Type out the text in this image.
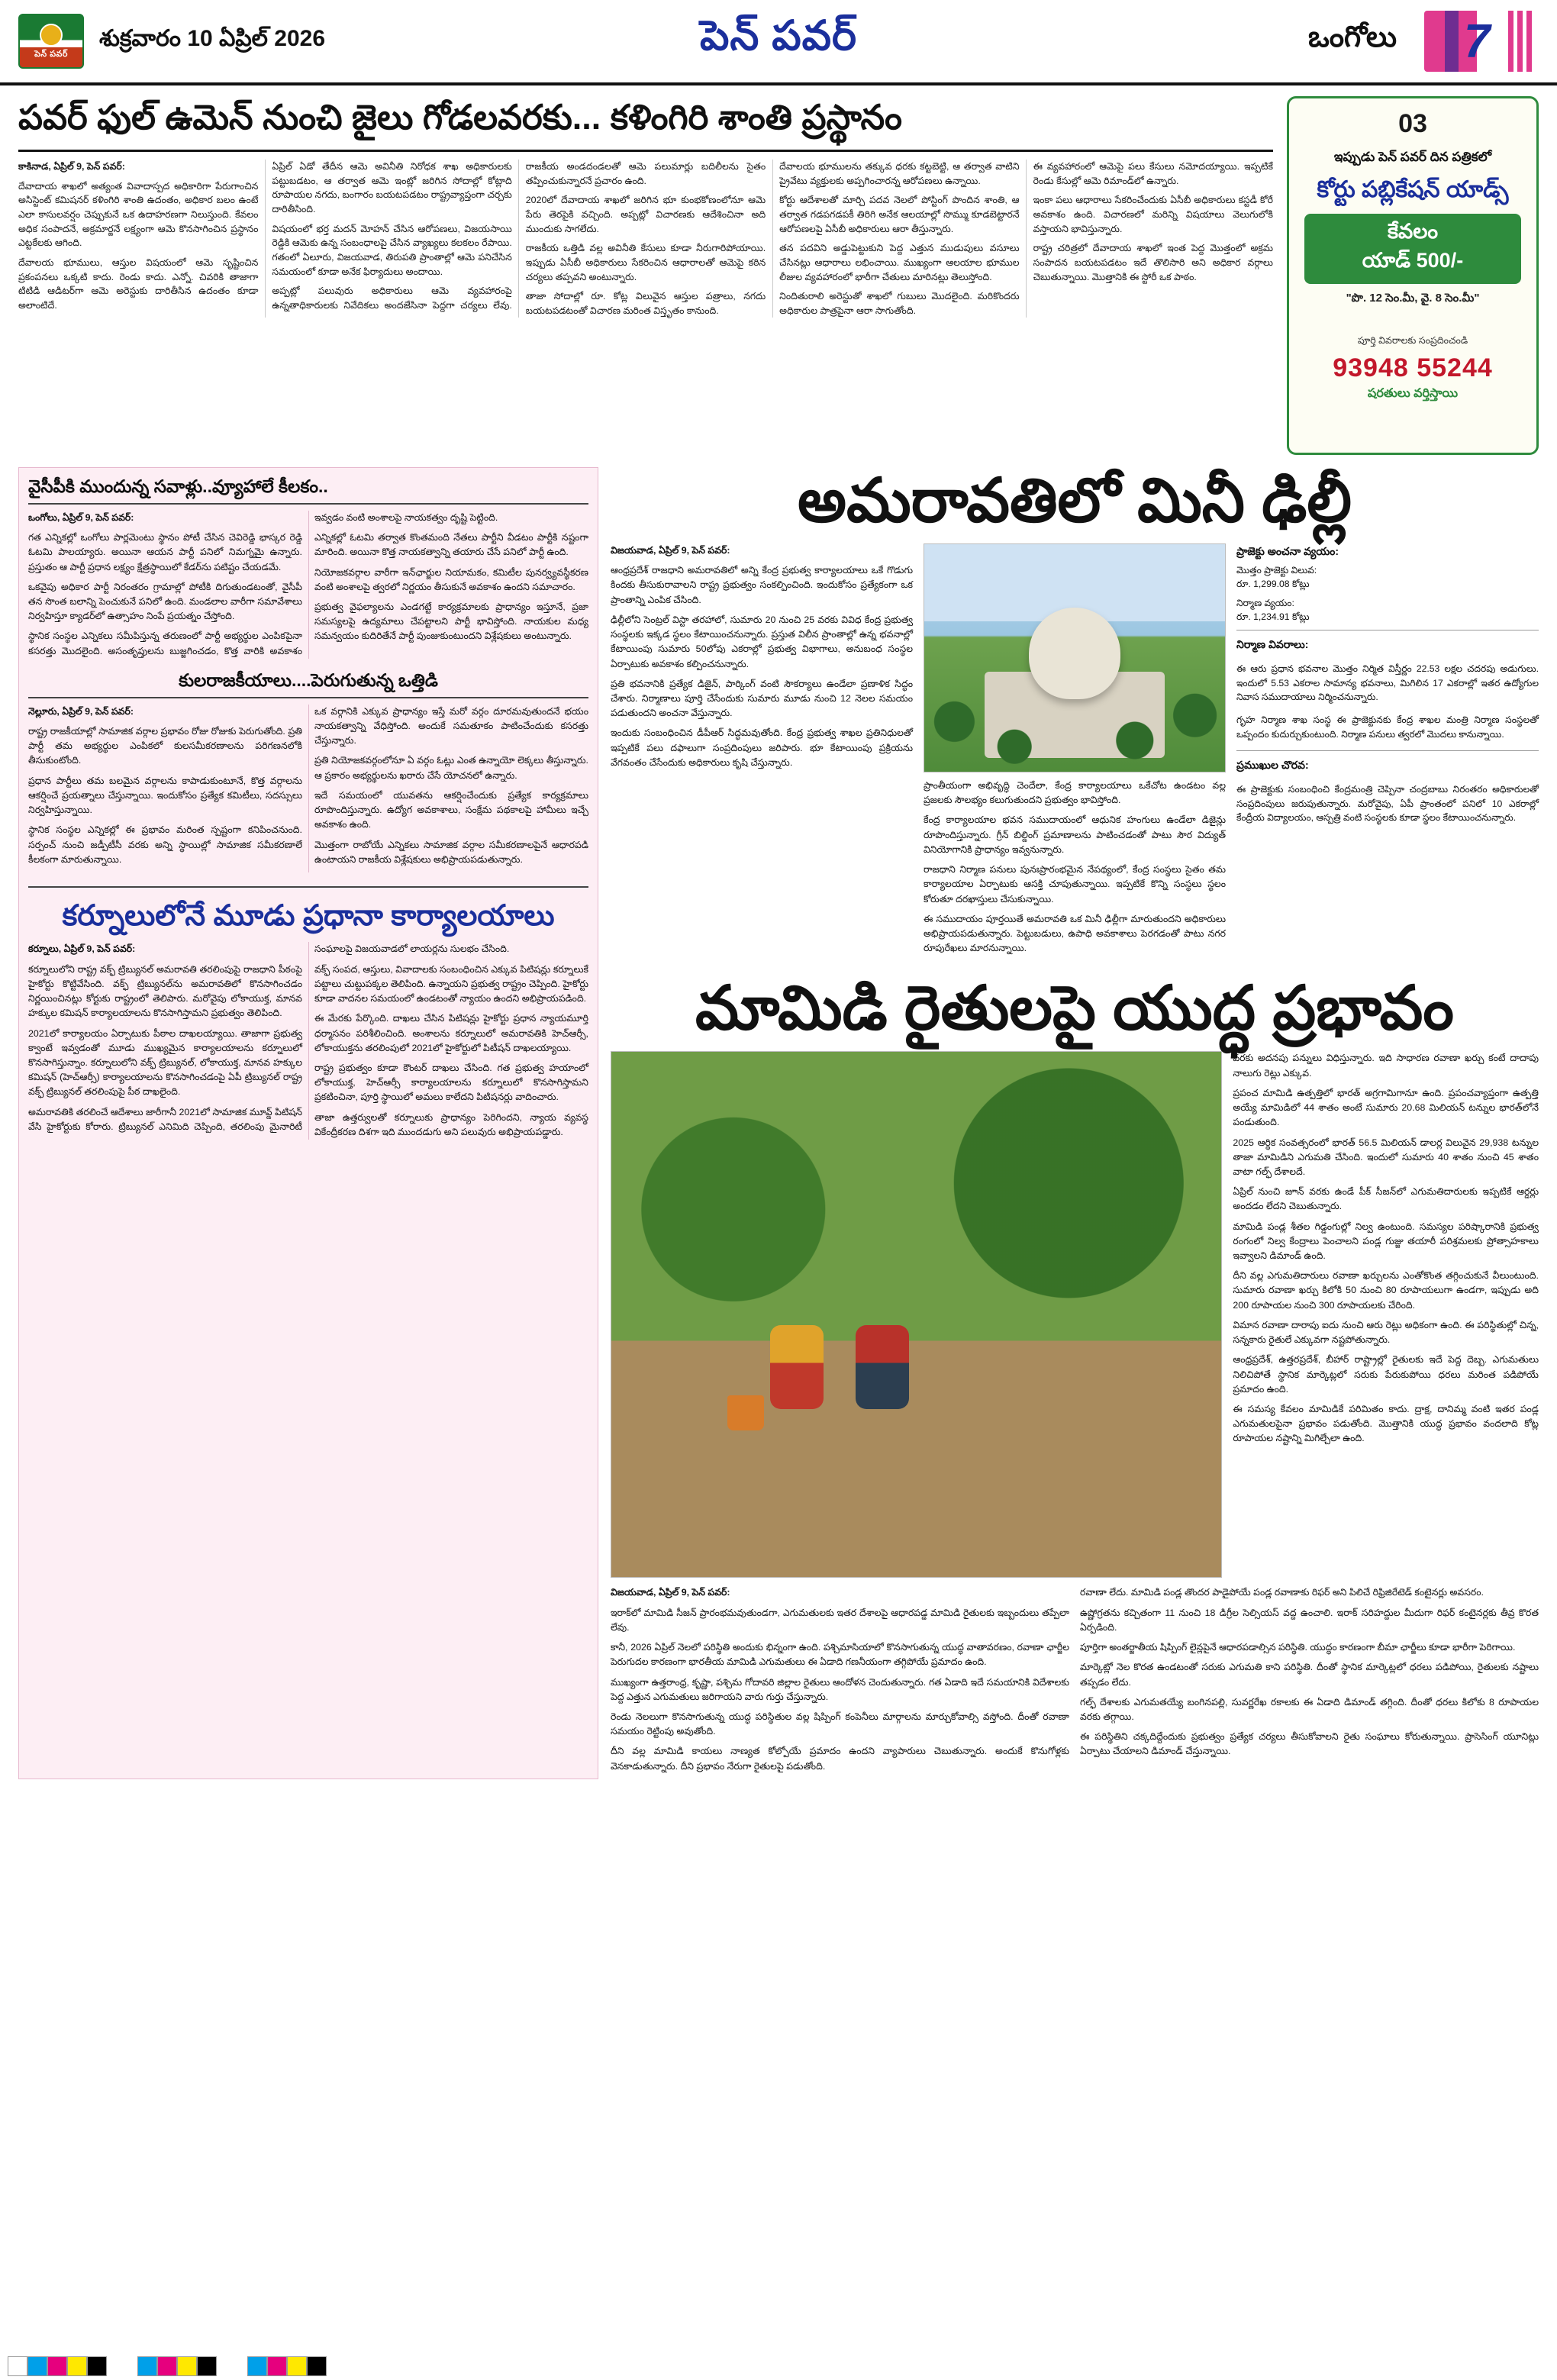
పెన్ పవర్
శుక్రవారం 10 ఏప్రిల్ 2026	పెన్ పవర్	ఒంగోలు 7
పవర్ ఫుల్ ఉమెన్ నుంచి జైలు గోడలవరకు... కళింగిరి శాంతి ప్రస్థానం

కాకినాడ, ఏప్రిల్ 9, పెన్ పవర్:

దేవాదాయ శాఖలో అత్యంత వివాదాస్పద అధికారిగా పేరుగాంచిన అసిస్టెంట్ కమిషనర్ కళింగిరి శాంతి ఉదంతం, అధికార బలం ఉంటే ఎలా కాసులవర్షం చెప్పుకునే ఒక ఉదాహరణగా నిలుస్తుంది. కేవలం అధిక సంపాదనే, అక్రమార్జనే లక్ష్యంగా ఆమె కొనసాగించిన ప్రస్థానం ఎట్టకేలకు ఆగింది.

దేవాలయ భూములు, ఆస్తుల విషయంలో ఆమె సృష్టించిన ప్రకంపనలు ఒక్కటి కాదు. రెండు కాదు. ఎన్నో. చివరికి తాజాగా టిటిడి ఆడిటర్‌గా ఆమె అరెస్టుకు దారితీసిన ఉదంతం కూడా అలాంటిదే.

ఏప్రిల్ ఏడో తేదీన ఆమె అవినీతి నిరోధక శాఖ అధికారులకు పట్టుబడటం, ఆ తర్వాత ఆమె ఇంట్లో జరిగిన సోదాల్లో కోట్లాది రూపాయల నగదు, బంగారం బయటపడటం రాష్ట్రవ్యాప్తంగా చర్చకు దారితీసింది.

విషయంలో భర్త మదన్ మోహన్ చేసిన ఆరోపణలు, విజయసాయి రెడ్డికి ఆమెకు ఉన్న సంబంధాలపై చేసిన వ్యాఖ్యలు కలకలం రేపాయి. గతంలో ఏలూరు, విజయవాడ, తిరుపతి ప్రాంతాల్లో ఆమె పనిచేసిన సమయంలో కూడా అనేక ఫిర్యాదులు అందాయి.

అప్పట్లో పలువురు అధికారులు ఆమె వ్యవహారంపై ఉన్నతాధికారులకు నివేదికలు అందజేసినా పెద్దగా చర్యలు లేవు. రాజకీయ అండదండలతో ఆమె పలుమార్లు బదిలీలను సైతం తప్పించుకున్నారనే ప్రచారం ఉంది.

2020లో దేవాదాయ శాఖలో జరిగిన భూ కుంభకోణంలోనూ ఆమె పేరు తెరపైకి వచ్చింది. అప్పట్లో విచారణకు ఆదేశించినా అది ముందుకు సాగలేదు.

రాజకీయ ఒత్తిడి వల్ల అవినీతి కేసులు కూడా నీరుగారిపోయాయి. ఇప్పుడు ఏసీబీ అధికారులు సేకరించిన ఆధారాలతో ఆమెపై కఠిన చర్యలు తప్పవని అంటున్నారు.

తాజా సోదాల్లో రూ. కోట్ల విలువైన ఆస్తుల పత్రాలు, నగదు బయటపడటంతో విచారణ మరింత విస్తృతం కానుంది.

దేవాలయ భూములను తక్కువ ధరకు కట్టబెట్టి, ఆ తర్వాత వాటిని ప్రైవేటు వ్యక్తులకు అప్పగించారన్న ఆరోపణలు ఉన్నాయి.

కోర్టు ఆదేశాలతో మార్చి పదవ నెలలో పోస్టింగ్ పొందిన శాంతి, ఆ తర్వాత గడపగడపకీ తిరిగి అనేక ఆలయాల్లో సొమ్ము కూడబెట్టారనే ఆరోపణలపై ఏసీబీ అధికారులు ఆరా తీస్తున్నారు.

తన పదవిని అడ్డుపెట్టుకుని పెద్ద ఎత్తున ముడుపులు వసూలు చేసినట్లు ఆధారాలు లభించాయి. ముఖ్యంగా ఆలయాల భూముల లీజుల వ్యవహారంలో భారీగా చేతులు మారినట్లు తెలుస్తోంది.

నిందితురాలి అరెస్టుతో శాఖలో గుబులు మొదలైంది. మరికొందరు అధికారుల పాత్రపైనా ఆరా సాగుతోంది.

ఈ వ్యవహారంలో ఆమెపై పలు కేసులు నమోదయ్యాయి. ఇప్పటికే రెండు కేసుల్లో ఆమె రిమాండ్‌లో ఉన్నారు.

ఇంకా పలు ఆధారాలు సేకరించేందుకు ఏసీబీ అధికారులు కస్టడీ కోరే అవకాశం ఉంది. విచారణలో మరిన్ని విషయాలు వెలుగులోకి వస్తాయని భావిస్తున్నారు.

రాష్ట్ర చరిత్రలో దేవాదాయ శాఖలో ఇంత పెద్ద మొత్తంలో అక్రమ సంపాదన బయటపడటం ఇదే తొలిసారి అని అధికార వర్గాలు చెబుతున్నాయి. మొత్తానికి ఈ స్టోరీ ఒక పాఠం.

03
ఇప్పుడు పెన్ పవర్ దిన పత్రికలో
కోర్టు పబ్లికేషన్ యాడ్స్
కేవలం
యాడ్ 500/-
"పొ. 12 సెం.మీ, వై. 8 సెం.మీ"
పూర్తి వివరాలకు సంప్రదించండి
93948 55244
షరతులు వర్తిస్తాయి
వైసీపీకి ముందున్న సవాళ్లు..వ్యూహాలే కీలకం..

ఒంగోలు, ఏప్రిల్ 9, పెన్ పవర్:

గత ఎన్నికల్లో ఒంగోలు పార్లమెంటు స్థానం పోటీ చేసిన చెవిరెడ్డి భాస్కర రెడ్డి ఓటమి పాలయ్యారు. అయినా ఆయన పార్టీ పనిలో నిమగ్నమై ఉన్నారు. ప్రస్తుతం ఆ పార్టీ ప్రధాన లక్ష్యం క్షేత్రస్థాయిలో కేడర్‌ను పటిష్టం చేయడమే.

ఒకవైపు అధికార పార్టీ నిరంతరం గ్రామాల్లో పోటీకి దిగుతుండటంతో, వైసీపీ తన సొంత బలాన్ని పెంచుకునే పనిలో ఉంది. మండలాల వారీగా సమావేశాలు నిర్వహిస్తూ క్యాడర్‌లో ఉత్సాహం నింపే ప్రయత్నం చేస్తోంది.

స్థానిక సంస్థల ఎన్నికలు సమీపిస్తున్న తరుణంలో పార్టీ అభ్యర్థుల ఎంపికపైనా కసరత్తు మొదలైంది. అసంతృప్తులను బుజ్జగించడం, కొత్త వారికి అవకాశం ఇవ్వడం వంటి అంశాలపై నాయకత్వం దృష్టి పెట్టింది.

ఎన్నికల్లో ఓటమి తర్వాత కొంతమంది నేతలు పార్టీని వీడటం పార్టీకి నష్టంగా మారింది. అయినా కొత్త నాయకత్వాన్ని తయారు చేసే పనిలో పార్టీ ఉంది.

నియోజకవర్గాల వారీగా ఇన్‌ఛార్జుల నియామకం, కమిటీల పునర్వ్యవస్థీకరణ వంటి అంశాలపై త్వరలో నిర్ణయం తీసుకునే అవకాశం ఉందని సమాచారం.

ప్రభుత్వ వైఫల్యాలను ఎండగట్టే కార్యక్రమాలకు ప్రాధాన్యం ఇస్తూనే, ప్రజా సమస్యలపై ఉద్యమాలు చేపట్టాలని పార్టీ భావిస్తోంది. నాయకుల మధ్య సమన్వయం కుదిరితేనే పార్టీ పుంజుకుంటుందని విశ్లేషకులు అంటున్నారు.

కులరాజకీయాలు....పెరుగుతున్న ఒత్తిడి

నెల్లూరు, ఏప్రిల్ 9, పెన్ పవర్:

రాష్ట్ర రాజకీయాల్లో సామాజిక వర్గాల ప్రభావం రోజు రోజుకు పెరుగుతోంది. ప్రతి పార్టీ తమ అభ్యర్థుల ఎంపికలో కులసమీకరణాలను పరిగణనలోకి తీసుకుంటోంది.

ప్రధాన పార్టీలు తమ బలమైన వర్గాలను కాపాడుకుంటూనే, కొత్త వర్గాలను ఆకర్షించే ప్రయత్నాలు చేస్తున్నాయి. ఇందుకోసం ప్రత్యేక కమిటీలు, సదస్సులు నిర్వహిస్తున్నాయి.

స్థానిక సంస్థల ఎన్నికల్లో ఈ ప్రభావం మరింత స్పష్టంగా కనిపించనుంది. సర్పంచ్ నుంచి జడ్పీటీసీ వరకు అన్ని స్థాయిల్లో సామాజిక సమీకరణాలే కీలకంగా మారుతున్నాయి.

ఒక వర్గానికి ఎక్కువ ప్రాధాన్యం ఇస్తే మరో వర్గం దూరమవుతుందనే భయం నాయకత్వాన్ని వేధిస్తోంది. అందుకే సమతూకం పాటించేందుకు కసరత్తు చేస్తున్నారు.

ప్రతి నియోజకవర్గంలోనూ ఏ వర్గం ఓట్లు ఎంత ఉన్నాయో లెక్కలు తీస్తున్నారు. ఆ ప్రకారం అభ్యర్థులను ఖరారు చేసే యోచనలో ఉన్నారు.

ఇదే సమయంలో యువతను ఆకర్షించేందుకు ప్రత్యేక కార్యక్రమాలు రూపొందిస్తున్నారు. ఉద్యోగ అవకాశాలు, సంక్షేమ పథకాలపై హామీలు ఇచ్చే అవకాశం ఉంది.

మొత్తంగా రాబోయే ఎన్నికలు సామాజిక వర్గాల సమీకరణాలపైనే ఆధారపడి ఉంటాయని రాజకీయ విశ్లేషకులు అభిప్రాయపడుతున్నారు.

కర్నూలులోనే మూడు ప్రధానా కార్యాలయాలు

కర్నూలు, ఏప్రిల్ 9, పెన్ పవర్:

కర్నూలులోని రాష్ట్ర వక్ఫ్ ట్రిబ్యునల్ అమరావతి తరలింపుపై రాజధాని పీఠంపై హైకోర్టు కొట్టివేసింది. వక్ఫ్ ట్రిబ్యునల్‌ను అమరావతిలో కొనసాగించడం నిర్ణయించినట్లు కోర్టుకు రాష్ట్రంలో తెలిపారు. మరోవైపు లోకాయుక్త, మానవ హక్కుల కమిషన్ కార్యాలయాలను కొనసాగిస్తామని ప్రభుత్వం తెలిపింది.

2021లో కార్యాలయం ఏర్పాటుకు పీఠాల దాఖలయ్యాయి. తాజాగా ప్రభుత్వ క్వాంటే ఇవ్వడంతో మూడు ముఖ్యమైన కార్యాలయాలను కర్నూలులో కొనసాగిస్తున్నాం. కర్నూలులోని వక్ఫ్ ట్రిబ్యునల్, లోకాయుక్త, మానవ హక్కుల కమిషన్ (హెచ్ఆర్సీ) కార్యాలయాలను కొనసాగించడంపై ఏపీ ట్రిబ్యునల్ రాష్ట్ర వక్ఫ్ ట్రిబ్యునల్ తరలింపుపై పీఠ దాఖలైంది.

అమరావతికి తరలించే ఆదేశాలు జారీగానీ 2021లో సామాజిక మూవ్డ్ పిటిషన్ వేసి హైకోర్టుకు కోరారు. ట్రిబ్యునల్ ఎనిమిది చెప్పింది, తరలింపు మైనారిటీ సంఘాలపై విజయవాడలో లాయర్లను సులభం చేసింది.

వక్ఫ్ సంపద, ఆస్తులు, వివాదాలకు సంబంధించిన ఎక్కువ పిటిషన్లు కర్నూలుకే పట్టాలు చుట్టుపక్కల తెలిపింది. ఉన్నాయని ప్రభుత్వ రాష్ట్రం చెప్పింది. హైకోర్టు కూడా వాదనల సమయంలో ఉండటంతో న్యాయం ఉందని అభిప్రాయపడింది.

ఈ మేరకు పేర్కొంది. దాఖలు చేసిన పిటిషన్లు హైకోర్టు ప్రధాన న్యాయమూర్తి ధర్మాసనం పరిశీలించింది. అంశాలను కర్నూలులో అమరావతికి హెచ్ఆర్సీ, లోకాయుక్తను తరలింపులో 2021లో హైకోర్టులో పిటీషన్ దాఖలయ్యాయి.

రాష్ట్ర ప్రభుత్వం కూడా కౌంటర్ దాఖలు చేసింది. గత ప్రభుత్వ హయాంలో లోకాయుక్త, హెచ్ఆర్సీ కార్యాలయాలను కర్నూలులో కొనసాగిస్తామని ప్రకటించినా, పూర్తి స్థాయిలో అమలు కాలేదని పిటిషనర్లు వాదించారు.

తాజా ఉత్తర్వులతో కర్నూలుకు ప్రాధాన్యం పెరిగిందని, న్యాయ వ్యవస్థ వికేంద్రీకరణ దిశగా ఇది ముందడుగు అని పలువురు అభిప్రాయపడ్డారు.

అమరావతిలో మినీ ఢిల్లీ

విజయవాడ, ఏప్రిల్ 9, పెన్ పవర్:

ఆంధ్రప్రదేశ్ రాజధాని అమరావతిలో అన్ని కేంద్ర ప్రభుత్వ కార్యాలయాలు ఒకే గొడుగు కిందకు తీసుకురావాలని రాష్ట్ర ప్రభుత్వం సంకల్పించింది. ఇందుకోసం ప్రత్యేకంగా ఒక ప్రాంతాన్ని ఎంపిక చేసింది.

ఢిల్లీలోని సెంట్రల్ విస్టా తరహాలో, సుమారు 20 నుంచి 25 వరకు వివిధ కేంద్ర ప్రభుత్వ సంస్థలకు ఇక్కడ స్థలం కేటాయించనున్నారు. ప్రస్తుత విలీన ప్రాంతాల్లో ఉన్న భవనాల్లో కేటాయింపు సుమారు 50లోపు ఎకరాల్లో ప్రభుత్వ విభాగాలు, అనుబంధ సంస్థల ఏర్పాటుకు అవకాశం కల్పించనున్నారు.

ప్రతి భవనానికి ప్రత్యేక డిజైన్, పార్కింగ్ వంటి సౌకర్యాలు ఉండేలా ప్రణాళిక సిద్ధం చేశారు. నిర్మాణాలు పూర్తి చేసేందుకు సుమారు మూడు నుంచి 12 నెలల సమయం పడుతుందని అంచనా వేస్తున్నారు.

ఇందుకు సంబంధించిన డీపీఆర్ సిద్ధమవుతోంది. కేంద్ర ప్రభుత్వ శాఖల ప్రతినిధులతో ఇప్పటికే పలు దఫాలుగా సంప్రదింపులు జరిపారు. భూ కేటాయింపు ప్రక్రియను వేగవంతం చేసేందుకు అధికారులు కృషి చేస్తున్నారు.

ప్రాంతీయంగా అభివృద్ధి చెందేలా, కేంద్ర కార్యాలయాలు ఒకేచోట ఉండటం వల్ల ప్రజలకు సౌలభ్యం కలుగుతుందని ప్రభుత్వం భావిస్తోంది.

కేంద్ర కార్యాలయాల భవన సముదాయంలో ఆధునిక హంగులు ఉండేలా డిజైన్లు రూపొందిస్తున్నారు. గ్రీన్ బిల్డింగ్ ప్రమాణాలను పాటించడంతో పాటు సౌర విద్యుత్ వినియోగానికి ప్రాధాన్యం ఇవ్వనున్నారు.

రాజధాని నిర్మాణ పనులు పునఃప్రారంభమైన నేపథ్యంలో, కేంద్ర సంస్థలు సైతం తమ కార్యాలయాల ఏర్పాటుకు ఆసక్తి చూపుతున్నాయి. ఇప్పటికే కొన్ని సంస్థలు స్థలం కోరుతూ దరఖాస్తులు చేసుకున్నాయి.

ఈ సముదాయం పూర్తయితే అమరావతి ఒక మినీ ఢిల్లీగా మారుతుందని అధికారులు అభిప్రాయపడుతున్నారు. పెట్టుబడులు, ఉపాధి అవకాశాలు పెరగడంతో పాటు నగర రూపురేఖలు మారనున్నాయి.

ప్రాజెక్టు అంచనా వ్యయం:

మొత్తం ప్రాజెక్టు విలువ:

రూ. 1,299.08 కోట్లు

నిర్మాణ వ్యయం:

రూ. 1,234.91 కోట్లు

నిర్మాణ వివరాలు:

ఈ ఆరు ప్రధాన భవనాల మొత్తం నిర్మిత విస్తీర్ణం 22.53 లక్షల చదరపు అడుగులు. ఇందులో 5.53 ఎకరాల సామాన్య భవనాలు, మిగిలిన 17 ఎకరాల్లో ఇతర ఉద్యోగుల నివాస సముదాయాలు నిర్మించనున్నారు.

గృహ నిర్మాణ శాఖ సంస్థ ఈ ప్రాజెక్టునకు కేంద్ర శాఖల మంత్రి నిర్మాణ సంస్థలతో ఒప్పందం కుదుర్చుకుంటుంది. నిర్మాణ పనులు త్వరలో మొదలు కానున్నాయి.

ప్రముఖుల చొరవ:

ఈ ప్రాజెక్టుకు సంబంధించి కేంద్రమంత్రి చెప్పినా చంద్రబాబు నిరంతరం అధికారులతో సంప్రదింపులు జరుపుతున్నారు. మరోవైపు, ఏపీ ప్రాంతంలో పనిలో 10 ఎకరాల్లో కేంద్రీయ విద్యాలయం, ఆస్పత్రి వంటి సంస్థలకు కూడా స్థలం కేటాయించనున్నారు.

మామిడి రైతులపై యుద్ధ ప్రభావం

వరకు అదనపు పన్నులు విధిస్తున్నారు. ఇది సాధారణ రవాణా ఖర్చు కంటే దాదాపు నాలుగు రెట్లు ఎక్కువ.

ప్రపంచ మామిడి ఉత్పత్తిలో భారత్ అగ్రగామిగానూ ఉంది. ప్రపంచవ్యాప్తంగా ఉత్పత్తి అయ్యే మామిడిలో 44 శాతం అంటే సుమారు 20.68 మిలియన్ టన్నుల భారత్‌లోనే పండుతుంది.

2025 ఆర్థిక సంవత్సరంలో భారత్ 56.5 మిలియన్ డాలర్ల విలువైన 29,938 టన్నుల తాజా మామిడిని ఎగుమతి చేసింది. ఇందులో సుమారు 40 శాతం నుంచి 45 శాతం వాటా గల్ఫ్ దేశాలదే.

ఏప్రిల్ నుంచి జూన్ వరకు ఉండే పీక్ సీజన్‌లో ఎగుమతిదారులకు ఇప్పటికే ఆర్డర్లు అందడం లేదని చెబుతున్నారు.

మామిడి పండ్ల శీతల గిడ్డంగుల్లో నిల్వ ఉంటుంది. సమస్యల పరిష్కారానికి ప్రభుత్వ రంగంలో నిల్వ కేంద్రాలు పెంచాలని పండ్ల గుజ్జు తయారీ పరిశ్రమలకు ప్రోత్సాహకాలు ఇవ్వాలని డిమాండ్ ఉంది.

దీని వల్ల ఎగుమతిదారులు రవాణా ఖర్చులను ఎంతోకొంత తగ్గించుకునే వీలుంటుంది. సుమారు రవాణా ఖర్చు కిలోకి 50 నుంచి 80 రూపాయలుగా ఉండగా, ఇప్పుడు అది 200 రూపాయల నుంచి 300 రూపాయలకు చేరింది.

విమాన రవాణా దారాపు ఐదు నుంచి ఆరు రెట్లు అధికంగా ఉంది. ఈ పరిస్థితుల్లో చిన్న, సన్నకారు రైతులే ఎక్కువగా నష్టపోతున్నారు.

ఆంధ్రప్రదేశ్, ఉత్తరప్రదేశ్, బీహార్ రాష్ట్రాల్లో రైతులకు ఇదే పెద్ద దెబ్బ. ఎగుమతులు నిలిచిపోతే స్థానిక మార్కెట్లలో సరుకు పేరుకుపోయి ధరలు మరింత పడిపోయే ప్రమాదం ఉంది.

ఈ సమస్య కేవలం మామిడికే పరిమితం కాదు. ద్రాక్ష, దానిమ్మ వంటి ఇతర పండ్ల ఎగుమతులపైనా ప్రభావం పడుతోంది. మొత్తానికి యుద్ధ ప్రభావం వందలాది కోట్ల రూపాయల నష్టాన్ని మిగిల్చేలా ఉంది.

విజయవాడ, ఏప్రిల్ 9, పెన్ పవర్:

ఇరాక్‌లో మామిడి సీజన్ ప్రారంభమవుతుండగా, ఎగుమతులకు ఇతర దేశాలపై ఆధారపడ్డ మామిడి రైతులకు ఇబ్బందులు తప్పేలా లేవు.

కానీ, 2026 ఏప్రిల్ నెలలో పరిస్థితి అందుకు భిన్నంగా ఉంది. పశ్చిమాసియాలో కొనసాగుతున్న యుద్ధ వాతావరణం, రవాణా ఛార్జీల పెరుగుదల కారణంగా భారతీయ మామిడి ఎగుమతులు ఈ ఏడాది గణనీయంగా తగ్గిపోయే ప్రమాదం ఉంది.

ముఖ్యంగా ఉత్తరాంధ్ర, కృష్ణా, పశ్చిమ గోదావరి జిల్లాల రైతులు ఆందోళన చెందుతున్నారు. గత ఏడాది ఇదే సమయానికి విదేశాలకు పెద్ద ఎత్తున ఎగుమతులు జరిగాయని వారు గుర్తు చేస్తున్నారు.

రెండు నెలలుగా కొనసాగుతున్న యుద్ధ పరిస్థితుల వల్ల షిప్పింగ్ కంపెనీలు మార్గాలను మార్చుకోవాల్సి వస్తోంది. దీంతో రవాణా సమయం రెట్టింపు అవుతోంది.

దీని వల్ల మామిడి కాయలు నాణ్యత కోల్పోయే ప్రమాదం ఉందని వ్యాపారులు చెబుతున్నారు. అందుకే కొనుగోళ్లకు వెనకాడుతున్నారు. దీని ప్రభావం నేరుగా రైతులపై పడుతోంది.

రవాణా లేదు. మామిడి పండ్ల తొందర పాడైపోయే పండ్ల రవాణాకు రిఫర్ అని పిలిచే రిఫ్రిజిరేటెడ్ కంటైనర్లు అవసరం.

ఉష్ణోగ్రతను కచ్చితంగా 11 నుంచి 18 డిగ్రీల సెల్సియస్ వద్ద ఉంచాలి. ఇరాక్ సరిహద్దుల మీదుగా రిఫర్ కంటైనర్లకు తీవ్ర కొరత ఏర్పడింది.

పూర్తిగా అంతర్జాతీయ షిప్పింగ్ లైన్లపైనే ఆధారపడాల్సిన పరిస్థితి. యుద్ధం కారణంగా బీమా ఛార్జీలు కూడా భారీగా పెరిగాయి.

మార్కెట్లో నెల కొరత ఉండటంతో సరుకు ఎగుమతి కాని పరిస్థితి. దీంతో స్థానిక మార్కెట్లలో ధరలు పడిపోయి, రైతులకు నష్టాలు తప్పడం లేదు.

గల్ఫ్ దేశాలకు ఎగుమతయ్యే బంగినపల్లి, సువర్ణరేఖ రకాలకు ఈ ఏడాది డిమాండ్ తగ్గింది. దీంతో ధరలు కిలోకు 8 రూపాయల వరకు తగ్గాయి.

ఈ పరిస్థితిని చక్కదిద్దేందుకు ప్రభుత్వం ప్రత్యేక చర్యలు తీసుకోవాలని రైతు సంఘాలు కోరుతున్నాయి. ప్రాసెసింగ్ యూనిట్లు ఏర్పాటు చేయాలని డిమాండ్ చేస్తున్నాయి.
